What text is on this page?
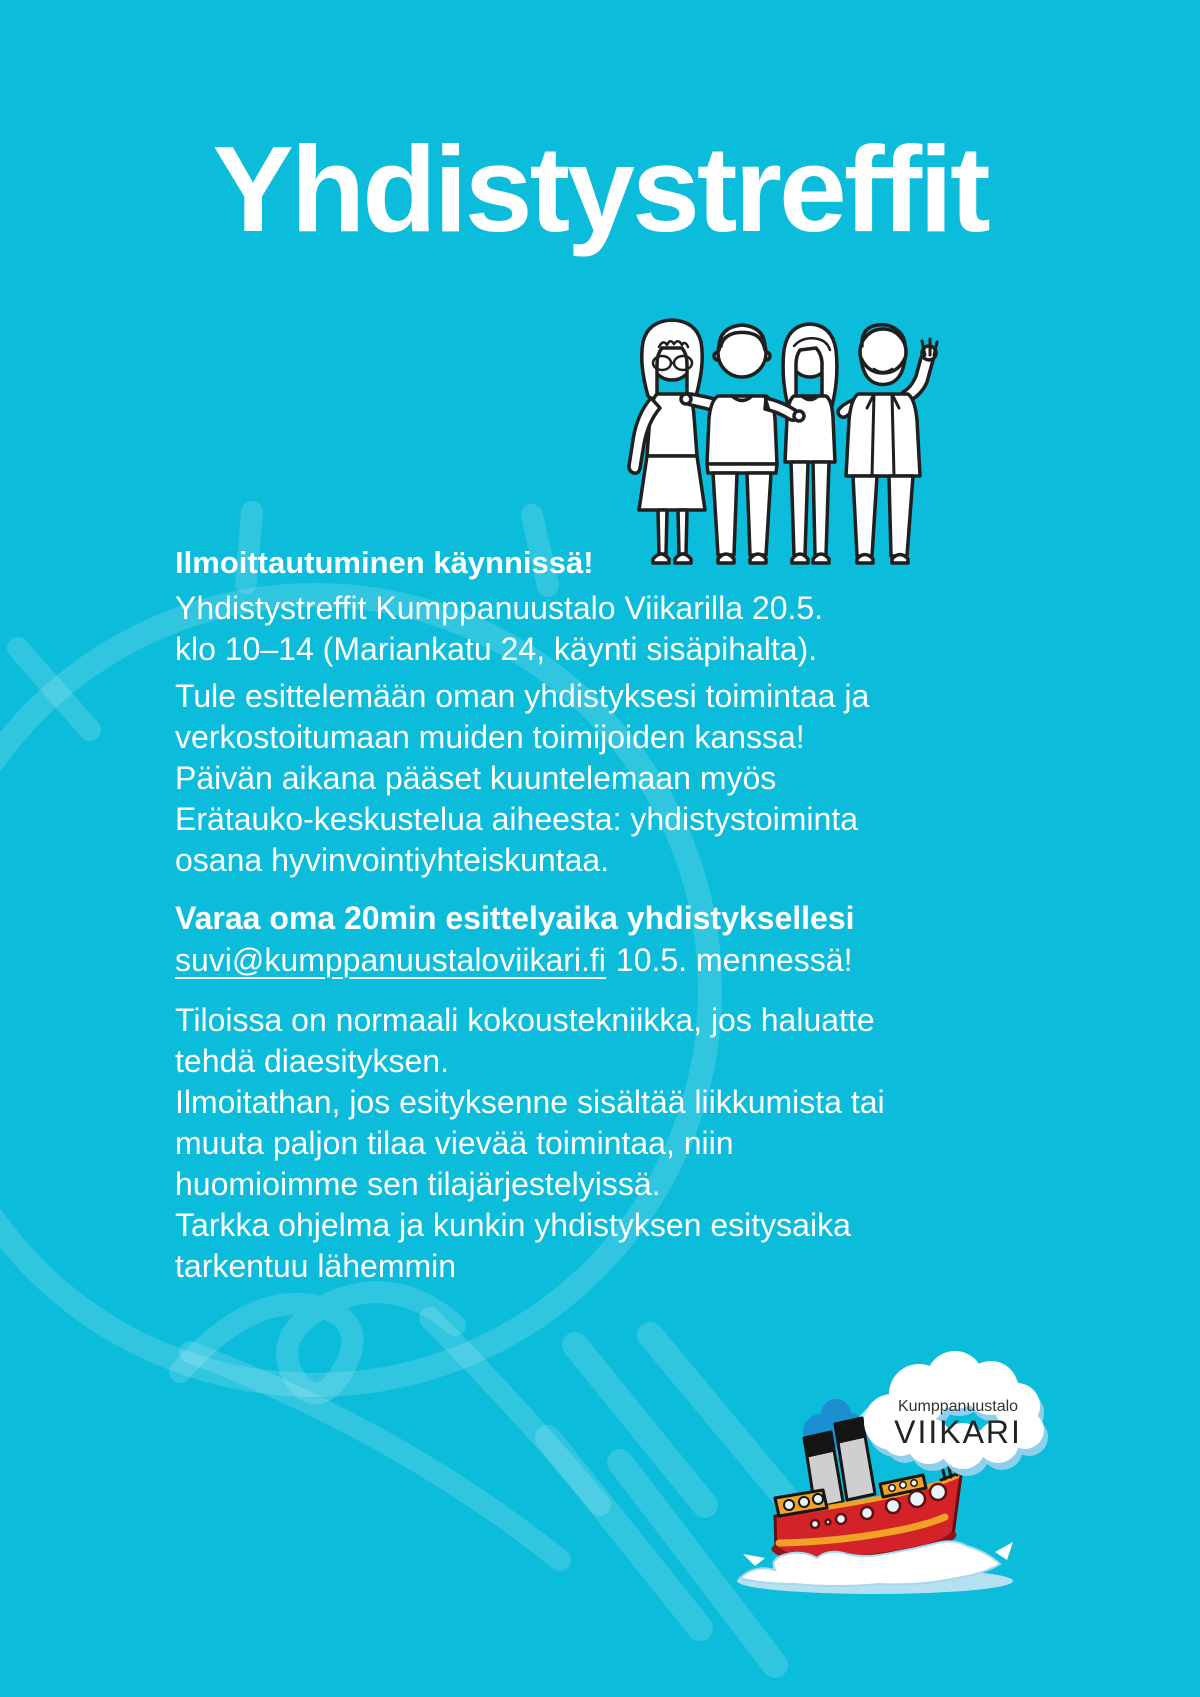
Yhdistystreffit

Ilmoittautuminen käynnissä!

Yhdistystreffit Kumppanuustalo Viikarilla 20.5.
klo 10–14 (Mariankatu 24, käynti sisäpihalta).

Tule esittelemään oman yhdistyksesi toimintaa ja
verkostoitumaan muiden toimijoiden kanssa!
Päivän aikana pääset kuuntelemaan myös
Erätauko-keskustelua aiheesta: yhdistystoiminta
osana hyvinvointiyhteiskuntaa.

Varaa oma 20min esittelyaika yhdistyksellesi

suvi@kumppanuustaloviikari.fi 10.5. mennessä!

Tiloissa on normaali kokoustekniikka, jos haluatte
tehdä diaesityksen.
Ilmoitathan, jos esityksenne sisältää liikkumista tai
muuta paljon tilaa vievää toimintaa, niin
huomioimme sen tilajärjestelyissä.
Tarkka ohjelma ja kunkin yhdistyksen esitysaika
tarkentuu lähemmin

Kumppanuustalo
VIIKARI
